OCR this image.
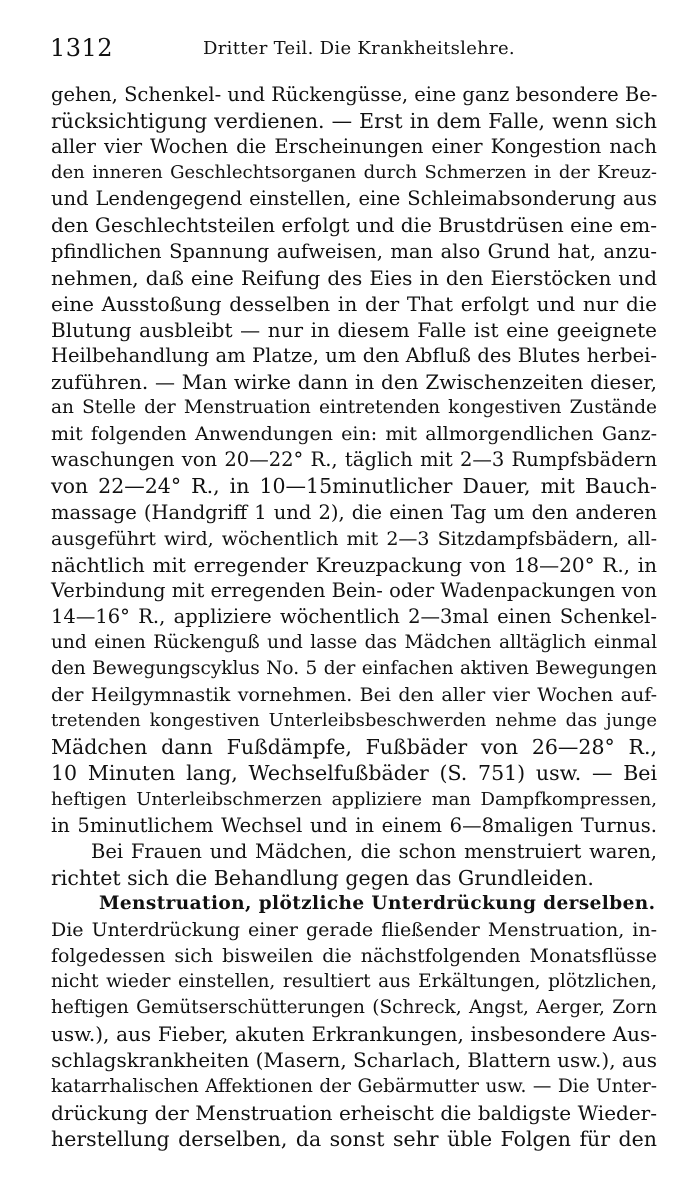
1312	Dritter Teil. Die Krankheitslehre.
gehen, Schenkel- und Rückengüsse, eine ganz besondere Be-
rücksichtigung verdienen. — Erst in dem Falle, wenn sich
aller vier Wochen die Erscheinungen einer Kongestion nach
den inneren Geschlechtsorganen durch Schmerzen in der Kreuz-
und Lendengegend einstellen, eine Schleimabsonderung aus
den Geschlechtsteilen erfolgt und die Brustdrüsen eine em-
pfindlichen Spannung aufweisen, man also Grund hat, anzu-
nehmen, daß eine Reifung des Eies in den Eierstöcken und
eine Ausstoßung desselben in der That erfolgt und nur die
Blutung ausbleibt — nur in diesem Falle ist eine geeignete
Heilbehandlung am Platze, um den Abfluß des Blutes herbei-
zuführen. — Man wirke dann in den Zwischenzeiten dieser,
an Stelle der Menstruation eintretenden kongestiven Zustände
mit folgenden Anwendungen ein: mit allmorgendlichen Ganz-
waschungen von 20—22° R., täglich mit 2—3 Rumpfsbädern
von 22—24° R., in 10—15minutlicher Dauer, mit Bauch-
massage (Handgriff 1 und 2), die einen Tag um den anderen
ausgeführt wird, wöchentlich mit 2—3 Sitzdampfsbädern, all-
nächtlich mit erregender Kreuzpackung von 18—20° R., in
Verbindung mit erregenden Bein- oder Wadenpackungen von
14—16° R., appliziere wöchentlich 2—3mal einen Schenkel-
und einen Rückenguß und lasse das Mädchen alltäglich einmal
den Bewegungscyklus No. 5 der einfachen aktiven Bewegungen
der Heilgymnastik vornehmen. Bei den aller vier Wochen auf-
tretenden kongestiven Unterleibsbeschwerden nehme das junge
Mädchen dann Fußdämpfe, Fußbäder von 26—28° R.,
10 Minuten lang, Wechselfußbäder (S. 751) usw. — Bei
heftigen Unterleibschmerzen appliziere man Dampfkompressen,
in 5minutlichem Wechsel und in einem 6—8maligen Turnus.
Bei Frauen und Mädchen, die schon menstruiert waren,
richtet sich die Behandlung gegen das Grundleiden.
Menstruation, plötzliche Unterdrückung derselben.
Die Unterdrückung einer gerade fließender Menstruation, in-
folgedessen sich bisweilen die nächstfolgenden Monatsflüsse
nicht wieder einstellen, resultiert aus Erkältungen, plötzlichen,
heftigen Gemütserschütterungen (Schreck, Angst, Aerger, Zorn
usw.), aus Fieber, akuten Erkrankungen, insbesondere Aus-
schlagskrankheiten (Masern, Scharlach, Blattern usw.), aus
katarrhalischen Affektionen der Gebärmutter usw. — Die Unter-
drückung der Menstruation erheischt die baldigste Wieder-
herstellung derselben, da sonst sehr üble Folgen für den
